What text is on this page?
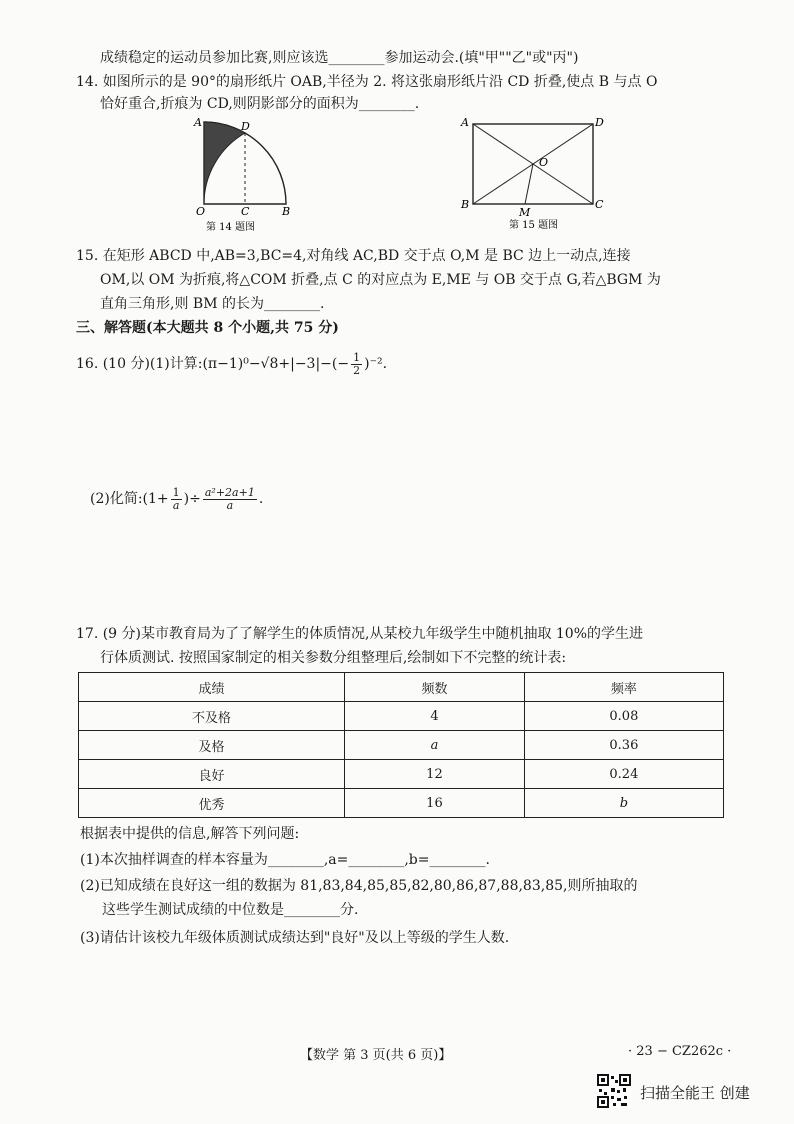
成绩稳定的运动员参加比赛,则应该选________参加运动会.(填"甲""乙"或"丙")
14. 如图所示的是 90°的扇形纸片 OAB,半径为 2. 将这张扇形纸片沿 CD 折叠,使点 B 与点 O
恰好重合,折痕为 CD,则阴影部分的面积为________.
A	D
O	C	B
第 14 题图
A	D
O
B
M
C
第 15 题图
15. 在矩形 ABCD 中,AB=3,BC=4,对角线 AC,BD 交于点 O,M 是 BC 边上一动点,连接
OM,以 OM 为折痕,将△COM 折叠,点 C 的对应点为 E,ME 与 OB 交于点 G,若△BGM 为
直角三角形,则 BM 的长为________.
三、解答题(本大题共 8 个小题,共 75 分)
16. (10 分)(1)计算:(π−1)⁰−√8+|−3|−(− $\frac{1}{2} )^{-2}$.
(2)化简:(1+ $\frac{1}{a}$ )÷ $\frac{\text{a²+2a+1}}{a}$ .
17. (9 分)某市教育局为了了解学生的体质情况,从某校九年级学生中随机抽取 10%的学生进
行体质测试. 按照国家制定的相关参数分组整理后,绘制如下不完整的统计表:
成绩	频数	频率
不及格	4	0.08
及格	a	0.36
良好	12	0.24
优秀	16	b
根据表中提供的信息,解答下列问题:
(1)本次抽样调查的样本容量为________,a=________,b=________.
(2)已知成绩在良好这一组的数据为 81,83,84,85,85,82,80,86,87,88,83,85,则所抽取的
这些学生测试成绩的中位数是________分.
(3)请估计该校九年级体质测试成绩达到"良好"及以上等级的学生人数.
【数学 第 3 页(共 6 页)】	· 23 − CZ262c ·
扫描全能王 创建
